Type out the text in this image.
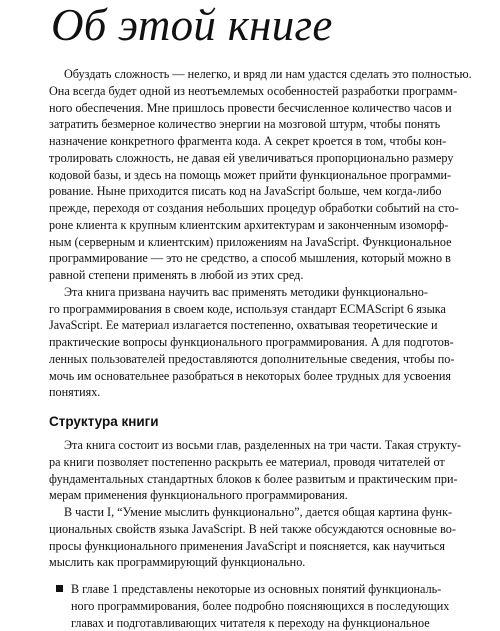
Об этой книге
Обуздать сложность — нелегко, и вряд ли нам удастся сделать это полностью.
Она всегда будет одной из неотъемлемых особенностей разработки программ-
ного обеспечения. Мне пришлось провести бесчисленное количество часов и
затратить безмерное количество энергии на мозговой штурм, чтобы понять
назначение конкретного фрагмента кода. А секрет кроется в том, чтобы кон-
тролировать сложность, не давая ей увеличиваться пропорционально размеру
кодовой базы, и здесь на помощь может прийти функциональное программи-
рование. Ныне приходится писать код на JavaScript больше, чем когда-либо
прежде, переходя от создания небольших процедур обработки событий на сто-
роне клиента к крупным клиентским архитектурам и законченным изоморф-
ным (серверным и клиентским) приложениям на JavaScript. Функциональное
программирование — это не средство, а способ мышления, который можно в
равной степени применять в любой из этих сред.
Эта книга призвана научить вас применять методики функционально-
го программирования в своем коде, используя стандарт ECMAScript 6 языка
JavaScript. Ее материал излагается постепенно, охватывая теоретические и
практические вопросы функционального программирования. А для подготов-
ленных пользователей предоставляются дополнительные сведения, чтобы по-
мочь им основательнее разобраться в некоторых более трудных для усвоения
понятиях.
Структура книги
Эта книга состоит из восьми глав, разделенных на три части. Такая структу-
ра книги позволяет постепенно раскрыть ее материал, проводя читателей от
фундаментальных стандартных блоков к более развитым и практическим при-
мерам применения функционального программирования.
В части I, “Умение мыслить функционально”, дается общая картина функ-
циональных свойств языка JavaScript. В ней также обсуждаются основные во-
просы функционального применения JavaScript и поясняется, как научиться
мыслить как программирующий функционально.
В главе 1 представлены некоторые из основных понятий функциональ-
ного программирования, более подробно поясняющихся в последующих
главах и подготавливающих читателя к переходу на функциональное
